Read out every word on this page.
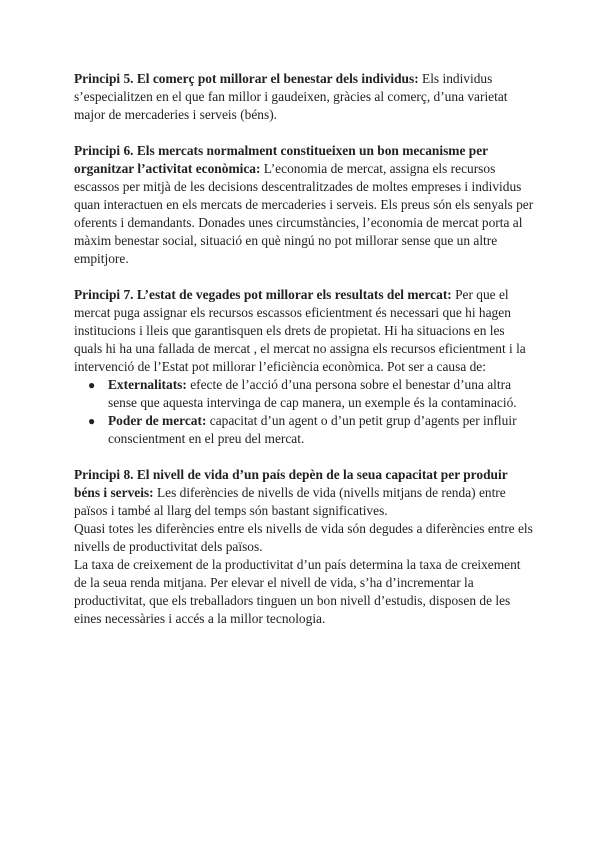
Principi 5. El comerç pot millorar el benestar dels individus: Els individus s’especialitzen en el que fan millor i gaudeixen, gràcies al comerç, d’una varietat major de mercaderies i serveis (béns).

Principi 6. Els mercats normalment constitueixen un bon mecanisme per organitzar l’activitat econòmica: L’economia de mercat, assigna els recursos escassos per mitjà de les decisions descentralitzades de moltes empreses i individus quan interactuen en els mercats de mercaderies i serveis. Els preus són els senyals per oferents i demandants. Donades unes circumstàncies, l’economia de mercat porta al màxim benestar social, situació en què ningú no pot millorar sense que un altre empitjore.

Principi 7. L’estat de vegades pot millorar els resultats del mercat: Per que el mercat puga assignar els recursos escassos eficientment és necessari que hi hagen institucions i lleis que garantisquen els drets de propietat. Hi ha situacions en les quals hi ha una fallada de mercat , el mercat no assigna els recursos eficientment i la intervenció de l’Estat pot millorar l’eficiència econòmica. Pot ser a causa de:
● Externalitats: efecte de l’acció d’una persona sobre el benestar d’una altra sense que aquesta intervinga de cap manera, un exemple és la contaminació.
● Poder de mercat: capacitat d’un agent o d’un petit grup d’agents per influir conscientment en el preu del mercat.
Principi 8. El nivell de vida d’un país depèn de la seua capacitat per produir béns i serveis: Les diferències de nivells de vida (nivells mitjans de renda) entre països i també al llarg del temps són bastant significatives.
Quasi totes les diferències entre els nivells de vida són degudes a diferències entre els nivells de productivitat dels països.
La taxa de creixement de la productivitat d’un país determina la taxa de creixement de la seua renda mitjana. Per elevar el nivell de vida, s’ha d’incrementar la productivitat, que els treballadors tinguen un bon nivell d’estudis, disposen de les eines necessàries i accés a la millor tecnologia.
